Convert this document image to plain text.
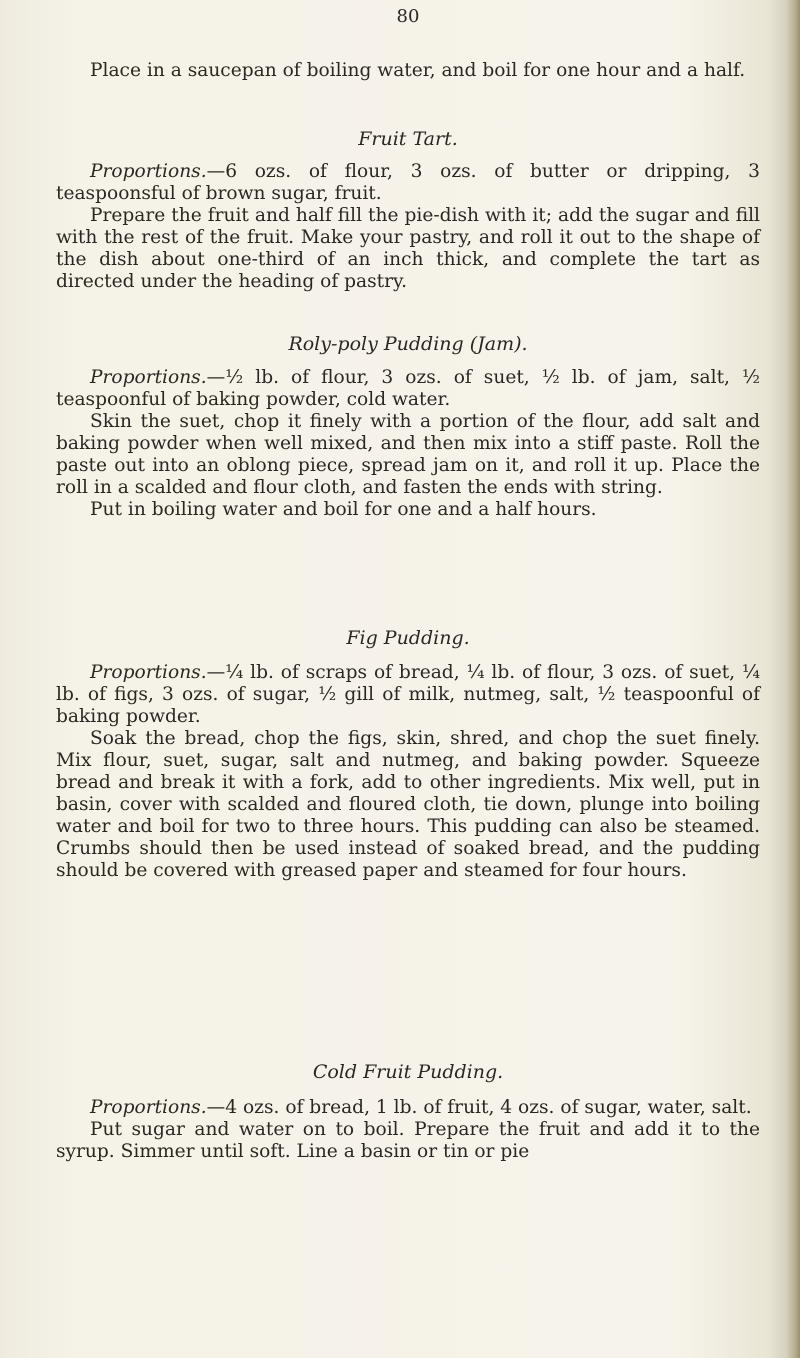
80

Place in a saucepan of boiling water, and boil for one hour and a half.

Fruit Tart.

Proportions.—6 ozs. of flour, 3 ozs. of butter or dripping, 3 teaspoonsful of brown sugar, fruit.

Prepare the fruit and half fill the pie-dish with it; add the sugar and fill with the rest of the fruit. Make your pastry, and roll it out to the shape of the dish about one-third of an inch thick, and complete the tart as directed under the heading of pastry.

Roly-poly Pudding (Jam).

Proportions.—½ lb. of flour, 3 ozs. of suet, ½ lb. of jam, salt, ½ teaspoonful of baking powder, cold water.

Skin the suet, chop it finely with a portion of the flour, add salt and baking powder when well mixed, and then mix into a stiff paste. Roll the paste out into an oblong piece, spread jam on it, and roll it up. Place the roll in a scalded and flour cloth, and fasten the ends with string.

Put in boiling water and boil for one and a half hours.

Fig Pudding.

Proportions.—¼ lb. of scraps of bread, ¼ lb. of flour, 3 ozs. of suet, ¼ lb. of figs, 3 ozs. of sugar, ½ gill of milk, nutmeg, salt, ½ teaspoonful of baking powder.

Soak the bread, chop the figs, skin, shred, and chop the suet finely. Mix flour, suet, sugar, salt and nutmeg, and baking powder. Squeeze bread and break it with a fork, add to other ingredients. Mix well, put in basin, cover with scalded and floured cloth, tie down, plunge into boiling water and boil for two to three hours. This pudding can also be steamed. Crumbs should then be used instead of soaked bread, and the pudding should be covered with greased paper and steamed for four hours.

Cold Fruit Pudding.

Proportions.—4 ozs. of bread, 1 lb. of fruit, 4 ozs. of sugar, water, salt.

Put sugar and water on to boil. Prepare the fruit and add it to the syrup. Simmer until soft. Line a basin or tin or pie
